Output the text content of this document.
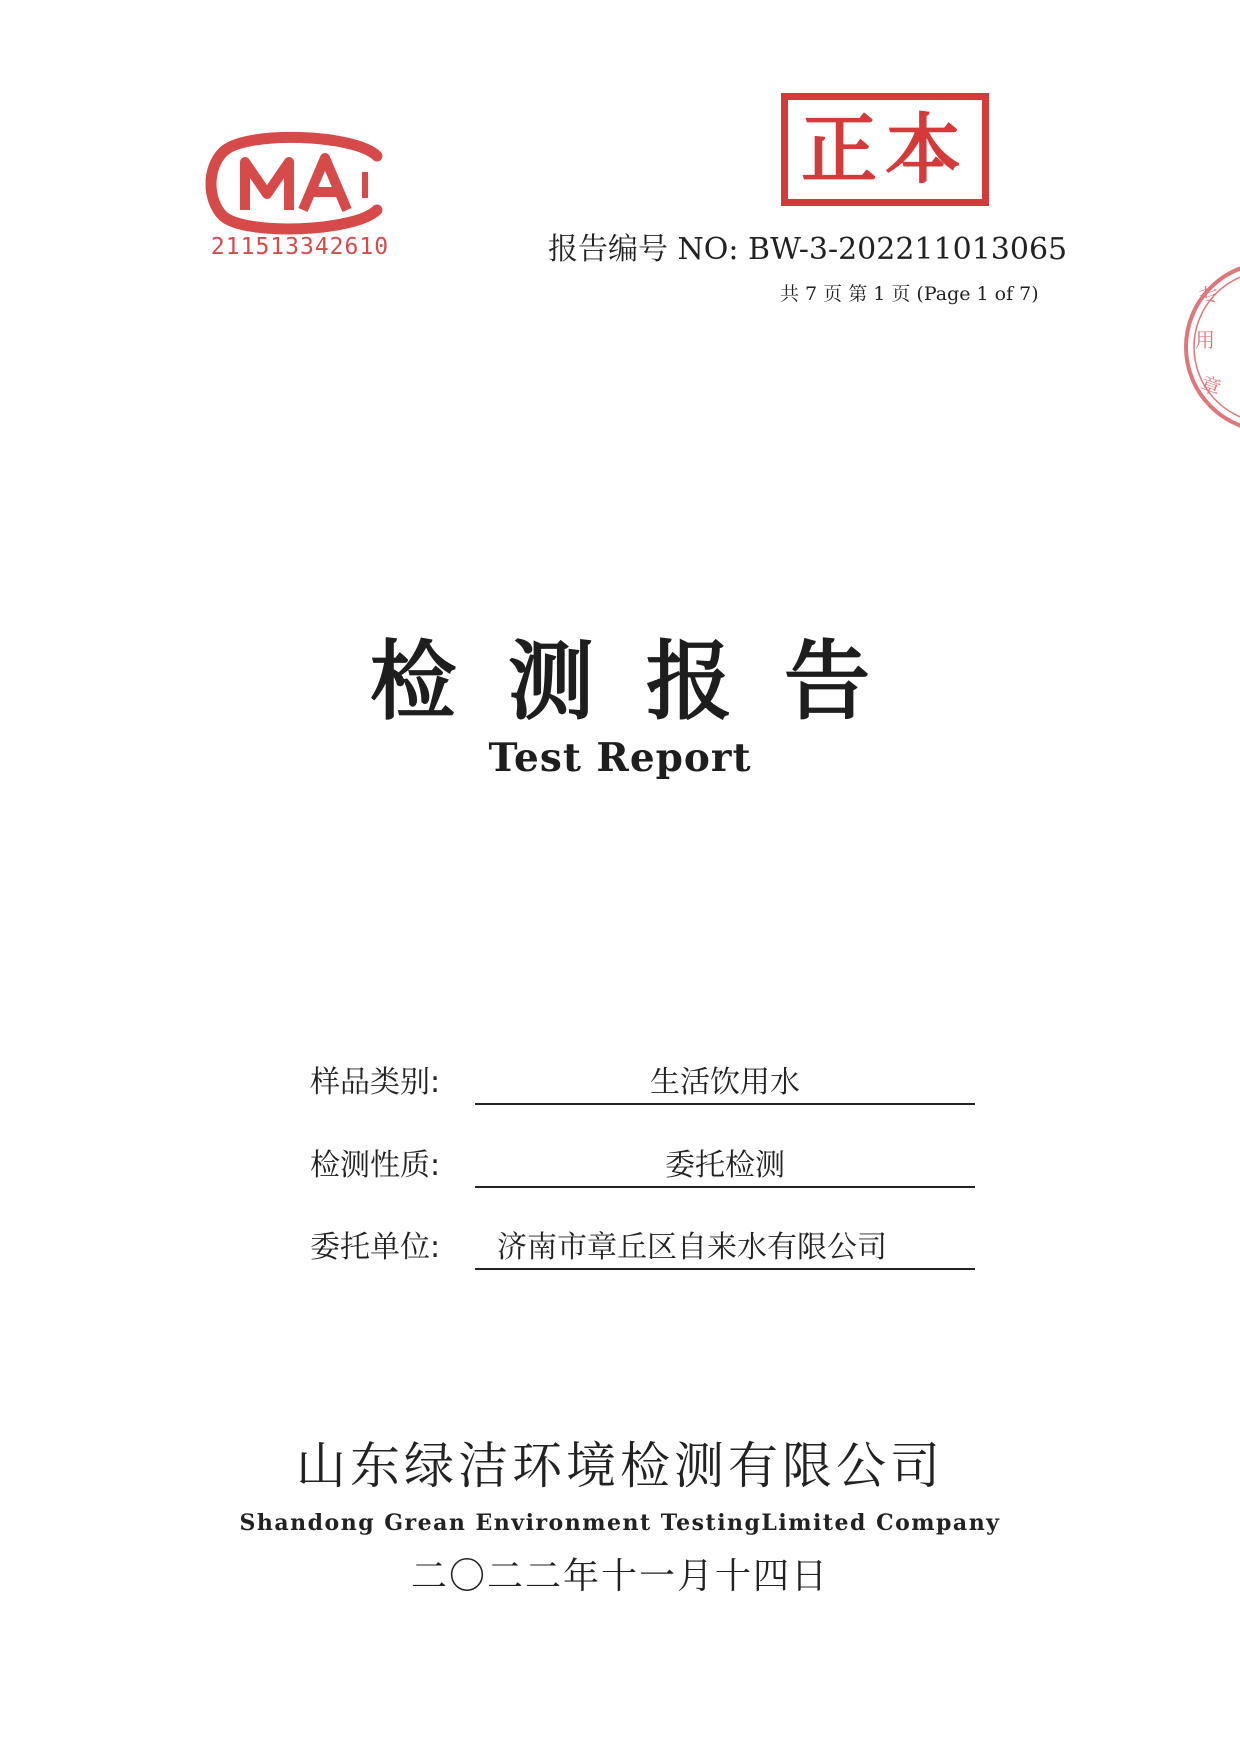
211513342610
正本
专
用
章
报告编号 NO: BW-3-202211013065
共 7 页 第 1 页 (Page 1 of 7)
检测报告
Test Report
样品类别:	生活饮用水
检测性质:	委托检测
委托单位:	济南市章丘区自来水有限公司
山东绿洁环境检测有限公司
Shandong Grean Environment TestingLimited Company
二〇二二年十一月十四日
